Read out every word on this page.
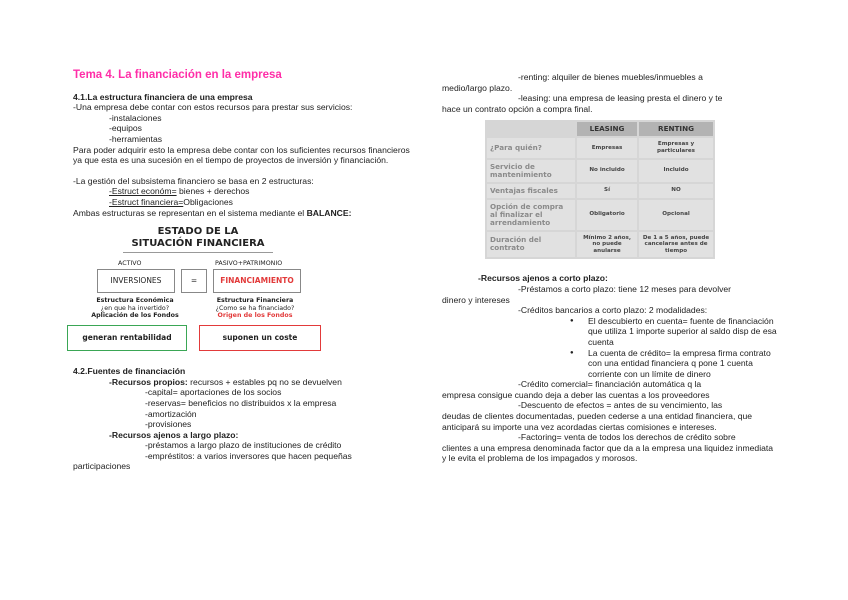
Tema 4. La financiación en la empresa

4.1.La estructura financiera de una empresa

-Una empresa debe contar con estos recursos para prestar sus servicios:

-instalaciones

-equipos

-herramientas

Para poder adquirir esto la empresa debe contar con los suficientes recursos financieros ya que esta es una sucesión en el tiempo de proyectos de inversión y financiación.

-La gestión del subsistema financiero se basa en 2 estructuras:

-Estruct económ= bienes + derechos

-Estruct financiera=Obligaciones

Ambas estructuras se representan en el sistema mediante el BALANCE:

ESTADO DE LA
SITUACIÓN FINANCIERA
ACTIVO	PASIVO+PATRIMONIO
INVERSIONES	=	FINANCIAMIENTO
Estructura Económica
¿en que ha invertido?
Aplicación de los Fondos
Estructura Financiera
¿Como se ha financiado?
Origen de los Fondos
generan rentabilidad	suponen un coste

4.2.Fuentes de financiación

-Recursos propios: recursos + estables pq no se devuelven

-capital= aportaciones de los socios

-reservas= beneficios no distribuidos x la empresa

-amortización

-provisiones

-Recursos ajenos a largo plazo:

-préstamos a largo plazo de instituciones de crédito

-empréstitos: a varios inversores que hacen pequeñas

participaciones

-renting: alquiler de bienes muebles/inmuebles a

medio/largo plazo.

-leasing: una empresa de leasing presta el dinero y te

hace un contrato opción a compra final.

	LEASING	RENTING
¿Para quién?	Empresas	Empresas y particulares
Servicio de mantenimiento	No incluido	Incluido
Ventajas fiscales	Sí	NO
Opción de compra al finalizar el arrendamiento	Obligatorio	Opcional
Duración del contrato	Mínimo 2 años, no puede anularse	De 1 a 5 años, puede cancelarse antes de tiempo

-Recursos ajenos a corto plazo:

-Préstamos a corto plazo: tiene 12 meses para devolver

dinero y intereses

-Créditos bancarios a corto plazo: 2 modalidades:

● El descubierto en cuenta= fuente de financiación que utiliza 1 importe superior al saldo disp de esa cuenta
● La cuenta de crédito= la empresa firma contrato con una entidad financiera q pone 1 cuenta corriente con un límite de dinero

-Crédito comercial= financiación automática q la

empresa consigue cuando deja a deber las cuentas a los proveedores

-Descuento de efectos = antes de su vencimiento, las

deudas de clientes documentadas, pueden cederse a una entidad financiera, que anticipará su importe una vez acordadas ciertas comisiones e intereses.

-Factoring= venta de todos los derechos de crédito sobre

clientes a una empresa denominada factor que da a la empresa una liquidez inmediata y le evita el problema de los impagados y morosos.
